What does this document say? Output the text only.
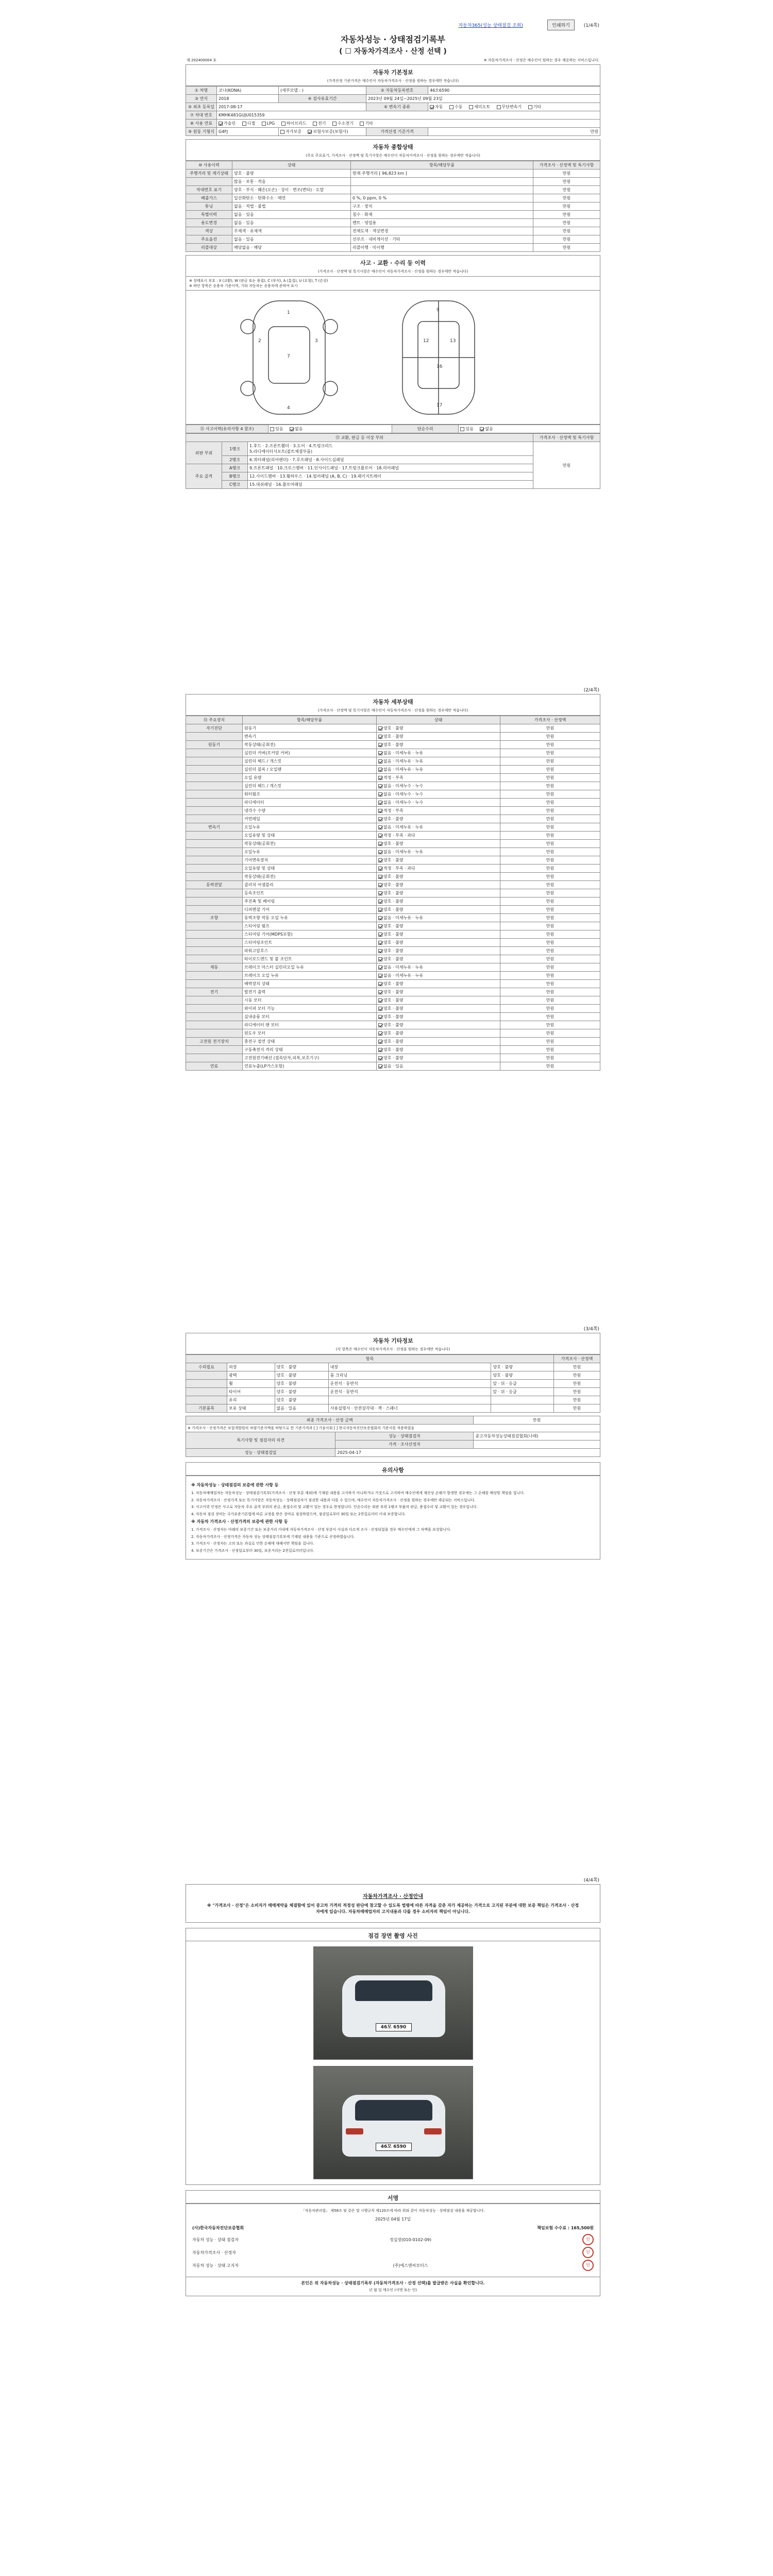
자동차365(성능 상태점검 조회)	인쇄하기	(1/4쪽)
자동차성능 · 상태점검기록부
( ☐ 자동차가격조사 · 산정 선택 )
제 202400004 호	※ 자동차가격조사 · 산정은 매수인이 원하는 경우 제공하는 서비스입니다.
자동차 기본정보
(가격산정 기준가격은 매수인이 자동차가격조사 · 산정을 원하는 경우에만 적습니다)
① 차명	코나(KONA)	(세부모델 : )	② 자동차등록번호	46모6590
③ 연식	2018	④ 검사유효기간	2023년 09월 24일~2025년 09월 23일	
⑤ 최초 등록일	2017-08-17		⑥ 변속기 종류	자동 수동 세미오토 무단변속기 기타
⑦ 차대 번호	KMHK481GUJU015359			
⑧ 사용 연료	가솔린 디젤 LPG 하이브리드 전기 수소전기 기타			
⑨ 원동 기형식	G4FJ	자가보증 보험사보증(보험사)	가격산정 기준가격	만원
자동차 종합상태
(주요 주요표기, 가격조사 · 산정액 및 특기사항은 매수인이 자동차가격조사 · 산정을 원하는 경우에만 적습니다)
⑩ 사용이력	상태	항목/해당부품	가격조사 · 산정액 및 특기사항
주행거리 및 계기상태	양호 · 불량	현재 주행거리 [ 96,823 km ]	만원
	많음 · 보통 · 적음		만원
차대번호 표기	양호 · 부식 · 훼손(오손) · 상이 · 변조(변타) · 도말		만원
배출가스	일산화탄소 · 탄화수소 · 매연	0 %, 0 ppm, 0 %	만원
튜닝	없음 · 적법 · 불법	구조 · 장치	만원
특별이력	없음 · 있음	침수 · 화재	만원
용도변경	없음 · 있음	렌트 · 영업용	만원
색상	무채색 · 유채색	전체도색 · 색상변경	만원
주요옵션	없음 · 있음	선루프 · 네비게이션 · 기타	만원
리콜대상	해당없음 · 해당	리콜이행 · 미이행	만원
사고 · 교환 · 수리 등 이력
(가격조사 · 산정액 및 특기사항은 매수인이 자동차가격조사 · 산정을 원하는 경우에만 적습니다)
※ 상태표시 부호 : X (교환), W (판금 또는 용접), C (부식), A (흠집), U (요철), T (손상)
※ 하단 항목은 승용차 기준이며, 기타 자동차는 승용차에 준하여 표시
1
2	3
4
7
9
12	13
16
17
⑪ 사고이력(유의사항 4 참조)	있음	없음	단순수리	있음	없음
⑫ 교환, 판금 등 이상 부위			가격조사 · 산정액 및 특기사항
외판 부위	1랭크	1.후드 · 2.프론트휀더 · 3.도어 · 4.트렁크리드
5.라디에이터서포트(볼트체결부품)	만원
	2랭크	6.쿼터패널(리어펜더) · 7.루프패널 · 8.사이드실패널	
주요 골격	A랭크	9.프론트패널 · 10.크로스멤버 · 11.인사이드패널 · 17.트렁크플로어 · 18.리어패널	
	B랭크	12.사이드멤버 · 13.휠하우스 · 14.필러패널 (A, B, C) · 19.패키지트레이	
	C랭크	15.대쉬패널 · 16.플로어패널	
(2/4쪽)
자동차 세부상태
(가격조사 · 산정액 및 특기사항은 매수인이 자동차가격조사 · 산정을 원하는 경우에만 적습니다)
⑬ 주요장치	항목/해당부품	상태	가격조사 · 산정액
자기진단	원동기	양호 · 불량	만원
	변속기	양호 · 불량	만원
원동기	작동상태(공회전)	양호 · 불량	만원
	실린더 커버(로커암 커버)	없음 · 미세누유 · 누유	만원
	실린더 헤드 / 개스킷	없음 · 미세누유 · 누유	만원
	실린더 블록 / 오일팬	없음 · 미세누유 · 누유	만원
	오일 유량	적정 · 부족	만원
	실린더 헤드 / 개스킷	없음 · 미세누수 · 누수	만원
	워터펌프	없음 · 미세누수 · 누수	만원
	라디에이터	없음 · 미세누수 · 누수	만원
	냉각수 수량	적정 · 부족	만원
	커먼레일	양호 · 불량	만원
변속기	오일누유	없음 · 미세누유 · 누유	만원
	오일유량 및 상태	적정 · 부족 · 과다	만원
	작동상태(공회전)	양호 · 불량	만원
	오일누유	없음 · 미세누유 · 누유	만원
	기어변속장치	양호 · 불량	만원
	오일유량 및 상태	적정 · 부족 · 과다	만원
	작동상태(공회전)	양호 · 불량	만원
동력전달	클러치 어셈블리	양호 · 불량	만원
	등속조인트	양호 · 불량	만원
	추진축 및 베어링	양호 · 불량	만원
	디퍼렌셜 기어	양호 · 불량	만원
조향	동력조향 작동 오일 누유	없음 · 미세누유 · 누유	만원
	스티어링 펌프	양호 · 불량	만원
	스티어링 기어(MDPS포함)	양호 · 불량	만원
	스티어링조인트	양호 · 불량	만원
	파워고압호스	양호 · 불량	만원
	타이로드엔드 및 볼 조인트	양호 · 불량	만원
제동	브레이크 마스터 실린더오일 누유	없음 · 미세누유 · 누유	만원
	브레이크 오일 누유	없음 · 미세누유 · 누유	만원
	배력장치 상태	양호 · 불량	만원
전기	발전기 출력	양호 · 불량	만원
	시동 모터	양호 · 불량	만원
	와이퍼 모터 기능	양호 · 불량	만원
	실내송풍 모터	양호 · 불량	만원
	라디에이터 팬 모터	양호 · 불량	만원
	윈도우 모터	양호 · 불량	만원
고전원 전기장치	충전구 절연 상태	양호 · 불량	만원
	구동축전지 격리 상태	양호 · 불량	만원
	고전원전기배선 (접속단자,피복,보호기구)	양호 · 불량	만원
연료	연료누출(LP가스포함)	없음 · 있음	만원
(3/4쪽)
자동차 기타정보
(각 항목은 매수인이 자동차가격조사 · 산정을 원하는 경우에만 적습니다)
항목					가격조사 · 산정액
수리필요	외장	양호 · 불량	내장	양호 · 불량	만원
	광택	양호 · 불량	룸 크리닝	양호 · 불량	만원
	휠	양호 · 불량	운전석 · 동반석	앞 · 뒤 · 응급	만원
	타이어	양호 · 불량	운전석 · 동반석	앞 · 뒤 · 응급	만원
	유리	양호 · 불량			만원
기본품목	보유 상태	없음 · 있음	사용설명서 · 안전삼각대 · 잭 · 스패너		만원
최종 가격조사 · 산정 금액		만원
※ 가격조사 · 산정가격은 보험개발원의 차량기준가액을 바탕으로 한 기준가격과 [ ] 기술사회 [ ] 한국자동차진단보증협회의 기준서를 적용하였음		
특기사항 및 점검자의 의견	성능 · 상태점검자	중고자동차성능상태점검협회(나래)
	가격 · 조사산정자	
성능 · 상태점검일	2025-04-17	
유의사항
※ 자동차성능 · 상태점검의 보증에 관한 사항 등
1. 자동차매매업자는 자동차성능 · 상태점검기록부(가격조사 · 산정 부분 제외)에 기재된 내용을 고지하지 아니하거나 거짓으로 고지하여 매수인에게 재산상 손해가 발생한 경우에는 그 손해를 배상할 책임을 집니다.
2. 자동차가격조사 · 산정가격 또는 특기사항은 자동차성능 · 상태점검자가 점검한 내용과 다를 수 있으며, 매수인이 자동차가격조사 · 산정을 원하는 경우에만 제공되는 서비스입니다.
3. 사고이력 인정은 사고로 자동차 주요 골격 부위의 판금, 용접수리 및 교환이 있는 경우로 한정합니다. 단순수리는 외판 부위 1랭크 부품의 판금, 용접수리 및 교환이 있는 경우입니다.
4. 자동차 점검 장비는 국가표준기본법에 따른 교정을 받은 장비로 점검하였으며, 점검일로부터 30일 또는 2천킬로미터 이내 보증합니다.
※ 자동차 가격조사 · 산정가격의 보증에 관한 사항 등
1. 가격조사 · 산정자는 아래의 보증기간 또는 보증거리 이내에 자동차가격조사 · 산정 부분이 사실과 다르게 조사 · 산정되었을 경우 매수인에게 그 차액을 보상합니다.
2. 자동차가격조사 · 산정가격은 자동차 성능 상태점검기록부에 기재된 내용을 기준으로 산정하였습니다.
3. 가격조사 · 산정자는 고의 또는 과실로 인한 손해에 대해서만 책임을 집니다.
4. 보증기간은 가격조사 · 산정일로부터 30일, 보증거리는 2천킬로미터입니다.
(4/4쪽)
자동차가격조사 · 산정안내
※ "가격조사 · 산정"은 소비자가 매매계약을 체결함에 있어 중고차 가격의 적정성 판단에 참고할 수 있도록 법령에 따른 자격을 갖춘 자가 제공하는 가격으로 고지된 부분에 대한 보증 책임은 가격조사 · 산정자에게 있습니다. 자동차매매업자의 고지내용과 다를 경우 소비자의 책임이 아닙니다.
점검 장면 촬영 사진
46모 6590
46모 6590
서명
「자동차관리법」 제58조 및 같은 법 시행규칙 제120조에 따라 위와 같이 자동차성능 · 상태점검 내용을 제공합니다.
2025년 04월 17일
(사)한국자동차진단보증협회	책임보험 수수료 : 165,500원
자동차 성능 · 상태 점검자	정실장(010-0102-09)	인
자동차가격조사 · 산정자	인
자동차 성능 · 상태 고지자	(주)에스앤씨모터스	인
본인은 위 자동차성능 · 상태점검기록부 (자동차가격조사 · 산정 선택)를 발급받은 사실을 확인합니다.
년 월 일 매수인 (서명 또는 인)
